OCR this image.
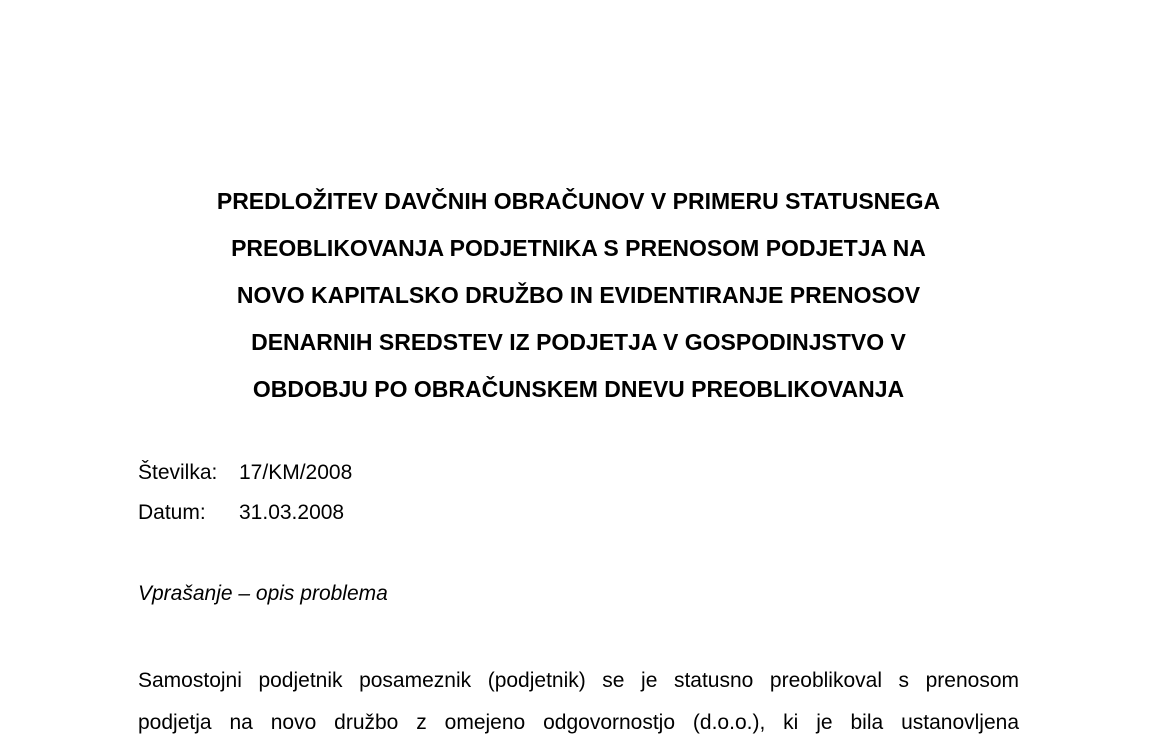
PREDLOŽITEV DAVČNIH OBRAČUNOV V PRIMERU STATUSNEGA
PREOBLIKOVANJA PODJETNIKA S PRENOSOM PODJETJA NA
NOVO KAPITALSKO DRUŽBO IN EVIDENTIRANJE PRENOSOV
DENARNIH SREDSTEV IZ PODJETJA V GOSPODINJSTVO V
OBDOBJU PO OBRAČUNSKEM DNEVU PREOBLIKOVANJA
Številka: 17/KM/2008
Datum: 31.03.2008

Vprašanje – opis problema

Samostojni podjetnik posameznik (podjetnik) se je statusno preoblikoval s prenosom
podjetja na novo družbo z omejeno odgovornostjo (d.o.o.), ki je bila ustanovljena
